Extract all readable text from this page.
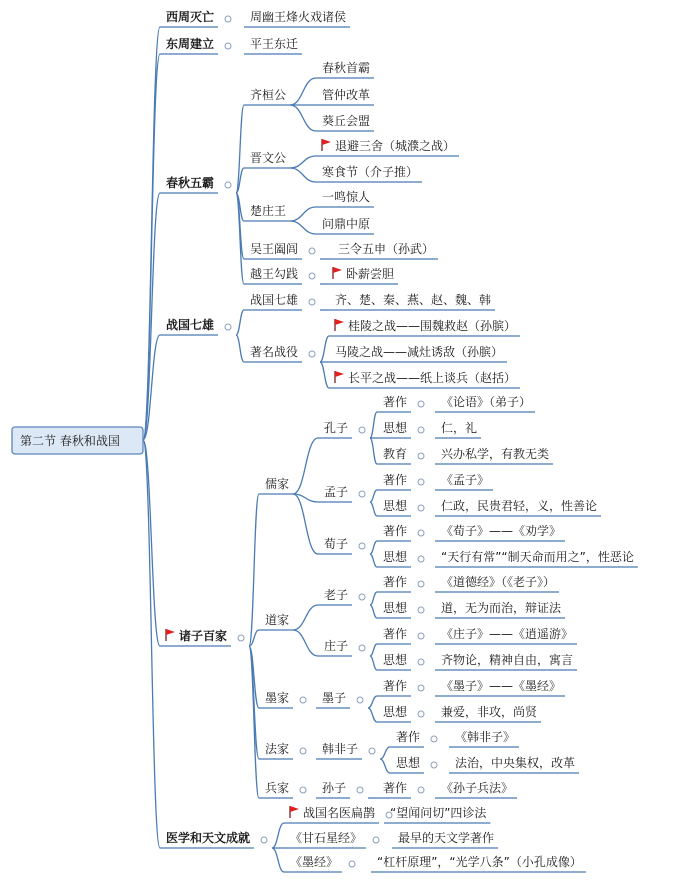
第二节 春秋和战国
西周灭亡
东周建立
春秋五霸
战国七雄
诸子百家
医学和天文成就
周幽王烽火戏诸侯
平王东迁
齐桓公
春秋首霸
管仲改革
葵丘会盟
晋文公
退避三舍（城濮之战）
寒食节（介子推）
楚庄王
一鸣惊人
问鼎中原
吴王阖闾	三令五申（孙武）
越王勾践	卧薪尝胆
战国七雄	齐、楚、秦、燕、赵、魏、韩
著名战役
桂陵之战——围魏救赵（孙膑）
马陵之战——减灶诱敌（孙膑）
长平之战——纸上谈兵（赵括）
儒家
孔子
著作	《论语》（弟子）
思想	仁，礼
教育	兴办私学，有教无类
孟子
著作	《孟子》
思想	仁政，民贵君轻，义，性善论
荀子
著作	《荀子》——《劝学》
思想	“天行有常”“制天命而用之”，性恶论
道家
老子
著作	《道德经》（《老子》）
思想	道，无为而治，辩证法
庄子
著作	《庄子》——《逍遥游》
思想	齐物论，精神自由，寓言
墨家	墨子
著作	《墨子》——《墨经》
思想	兼爱，非攻，尚贤
法家	韩非子
著作	《韩非子》
思想	法治，中央集权，改革
兵家	孙子	著作	《孙子兵法》
战国名医扁鹊 “望闻问切”四诊法
《甘石星经》	最早的天文学著作
《墨经》	“杠杆原理”，“光学八条”（小孔成像）
